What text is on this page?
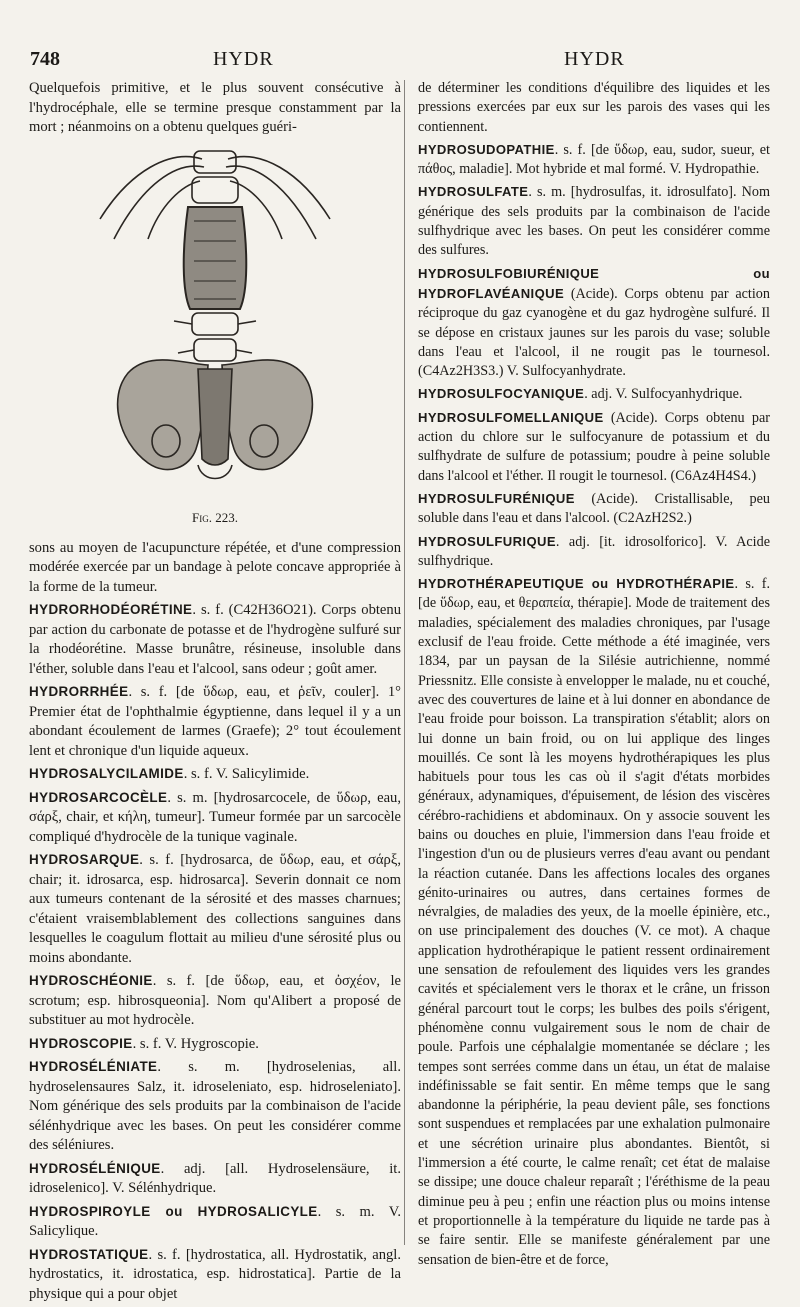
748	HYDR	HYDR

Quelquefois primitive, et le plus souvent consécutive à l'hydrocéphale, elle se termine presque constamment par la mort ; néanmoins on a obtenu quelques guéri-

Fig. 223.

sons au moyen de l'acupuncture répétée, et d'une compression modérée exercée par un bandage à pelote concave appropriée à la forme de la tumeur.

HYDRORHODÉORÉTINE. s. f. (C42H36O21). Corps obtenu par action du carbonate de potasse et de l'hydrogène sulfuré sur la rhodéorétine. Masse brunâtre, résineuse, insoluble dans l'éther, soluble dans l'eau et l'alcool, sans odeur ; goût amer.

HYDRORRHÉE. s. f. [de ὕδωρ, eau, et ῥεῖν, couler]. 1° Premier état de l'ophthalmie égyptienne, dans lequel il y a un abondant écoulement de larmes (Graefe); 2° tout écoulement lent et chronique d'un liquide aqueux.

HYDROSALYCILAMIDE. s. f. V. Salicylimide.

HYDROSARCOCÈLE. s. m. [hydrosarcocele, de ὕδωρ, eau, σάρξ, chair, et κήλη, tumeur]. Tumeur formée par un sarcocèle compliqué d'hydrocèle de la tunique vaginale.

HYDROSARQUE. s. f. [hydrosarca, de ὕδωρ, eau, et σάρξ, chair; it. idrosarca, esp. hidrosarca]. Severin donnait ce nom aux tumeurs contenant de la sérosité et des masses charnues; c'étaient vraisemblablement des collections sanguines dans lesquelles le coagulum flottait au milieu d'une sérosité plus ou moins abondante.

HYDROSCHÉONIE. s. f. [de ὕδωρ, eau, et ὀσχέον, le scrotum; esp. hibrosqueonia]. Nom qu'Alibert a proposé de substituer au mot hydrocèle.

HYDROSCOPIE. s. f. V. Hygroscopie.

HYDROSÉLÉNIATE. s. m. [hydroselenias, all. hydroselensaures Salz, it. idroseleniato, esp. hidroseleniato]. Nom générique des sels produits par la combinaison de l'acide sélénhydrique avec les bases. On peut les considérer comme des séléniures.

HYDROSÉLÉNIQUE. adj. [all. Hydroselensäure, it. idroselenico]. V. Sélénhydrique.

HYDROSPIROYLE ou HYDROSALICYLE. s. m. V. Salicylique.

HYDROSTATIQUE. s. f. [hydrostatica, all. Hydrostatik, angl. hydrostatics, it. idrostatica, esp. hidrostatica]. Partie de la physique qui a pour objet

de déterminer les conditions d'équilibre des liquides et les pressions exercées par eux sur les parois des vases qui les contiennent.

HYDROSUDOPATHIE. s. f. [de ὕδωρ, eau, sudor, sueur, et πάθος, maladie]. Mot hybride et mal formé. V. Hydropathie.

HYDROSULFATE. s. m. [hydrosulfas, it. idrosulfato]. Nom générique des sels produits par la combinaison de l'acide sulfhydrique avec les bases. On peut les considérer comme des sulfures.

HYDROSULFOBIURÉNIQUE ou HYDROFLAVÉANIQUE (Acide). Corps obtenu par action réciproque du gaz cyanogène et du gaz hydrogène sulfuré. Il se dépose en cristaux jaunes sur les parois du vase; soluble dans l'eau et l'alcool, il ne rougit pas le tournesol. (C4Az2H3S3.) V. Sulfocyanhydrate.

HYDROSULFOCYANIQUE. adj. V. Sulfocyanhydrique.

HYDROSULFOMELLANIQUE (Acide). Corps obtenu par action du chlore sur le sulfocyanure de potassium et du sulfhydrate de sulfure de potassium; poudre à peine soluble dans l'alcool et l'éther. Il rougit le tournesol. (C6Az4H4S4.)

HYDROSULFURÉNIQUE (Acide). Cristallisable, peu soluble dans l'eau et dans l'alcool. (C2AzH2S2.)

HYDROSULFURIQUE. adj. [it. idrosolforico]. V. Acide sulfhydrique.

HYDROTHÉRAPEUTIQUE ou HYDROTHÉRAPIE. s. f. [de ὕδωρ, eau, et θεραπεία, thérapie]. Mode de traitement des maladies, spécialement des maladies chroniques, par l'usage exclusif de l'eau froide. Cette méthode a été imaginée, vers 1834, par un paysan de la Silésie autrichienne, nommé Priessnitz. Elle consiste à envelopper le malade, nu et couché, avec des couvertures de laine et à lui donner en abondance de l'eau froide pour boisson. La transpiration s'établit; alors on lui donne un bain froid, ou on lui applique des linges mouillés. Ce sont là les moyens hydrothérapiques les plus habituels pour tous les cas où il s'agit d'états morbides généraux, adynamiques, d'épuisement, de lésion des viscères cérébro-rachidiens et abdominaux. On y associe souvent les bains ou douches en pluie, l'immersion dans l'eau froide et l'ingestion d'un ou de plusieurs verres d'eau avant ou pendant la réaction cutanée. Dans les affections locales des organes génito-urinaires ou autres, dans certaines formes de névralgies, de maladies des yeux, de la moelle épinière, etc., on use principalement des douches (V. ce mot). A chaque application hydrothérapique le patient ressent ordinairement une sensation de refoulement des liquides vers les grandes cavités et spécialement vers le thorax et le crâne, un frisson général parcourt tout le corps; les bulbes des poils s'érigent, phénomène connu vulgairement sous le nom de chair de poule. Parfois une céphalalgie momentanée se déclare ; les tempes sont serrées comme dans un étau, un état de malaise indéfinissable se fait sentir. En même temps que le sang abandonne la périphérie, la peau devient pâle, ses fonctions sont suspendues et remplacées par une exhalation pulmonaire et une sécrétion urinaire plus abondantes. Bientôt, si l'immersion a été courte, le calme renaît; cet état de malaise se dissipe; une douce chaleur reparaît ; l'éréthisme de la peau diminue peu à peu ; enfin une réaction plus ou moins intense et proportionnelle à la température du liquide ne tarde pas à se faire sentir. Elle se manifeste généralement par une sensation de bien-être et de force,
